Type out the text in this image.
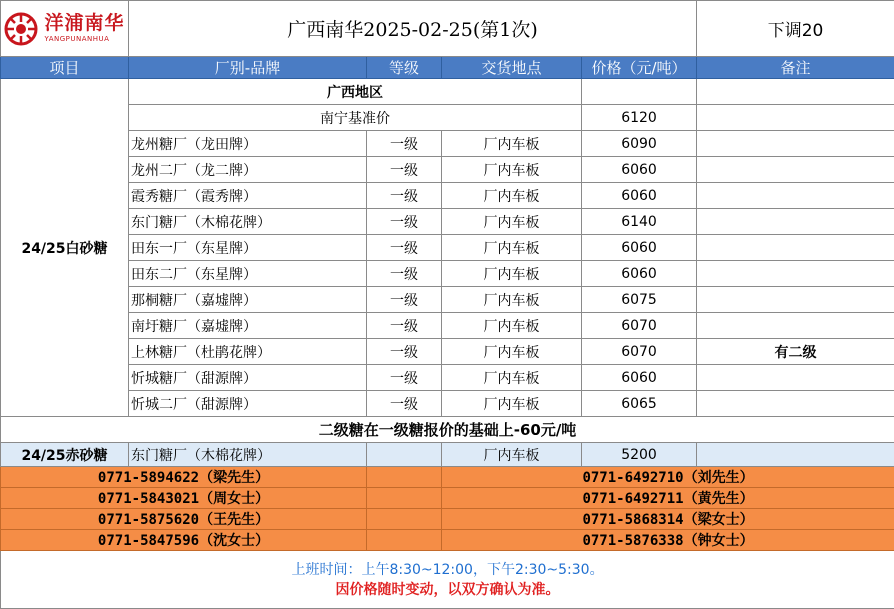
洋浦南华
YANGPUNANHUA	广西南华2025-02-25(第1次)				下调20
项目	厂别-品牌	等级	交货地点	价格（元/吨）	备注
24/25白砂糖	广西地区				
	南宁基准价			6120	
	龙州糖厂（龙田牌）	一级	厂内车板	6090	
	龙州二厂（龙二牌）	一级	厂内车板	6060	
	霞秀糖厂（霞秀牌）	一级	厂内车板	6060	
	东门糖厂（木棉花牌）	一级	厂内车板	6140	
	田东一厂（东星牌）	一级	厂内车板	6060	
	田东二厂（东星牌）	一级	厂内车板	6060	
	那桐糖厂（嘉墟牌）	一级	厂内车板	6075	
	南圩糖厂（嘉墟牌）	一级	厂内车板	6070	
	上林糖厂（杜鹃花牌）	一级	厂内车板	6070	有二级
	忻城糖厂（甜源牌）	一级	厂内车板	6060	
	忻城二厂（甜源牌）	一级	厂内车板	6065	
二级糖在一级糖报价的基础上-60元/吨					
24/25赤砂糖	东门糖厂（木棉花牌）		厂内车板	5200	
0771-5894622（梁先生）			0771-6492710（刘先生）		
0771-5843021（周女士）			0771-6492711（黄先生）		
0771-5875620（王先生）			0771-5868314（梁女士）		
0771-5847596（沈女士）			0771-5876338（钟女士）		

上班时间：上午8:30~12:00，下午2:30~5:30。
因价格随时变动，以双方确认为准。					
